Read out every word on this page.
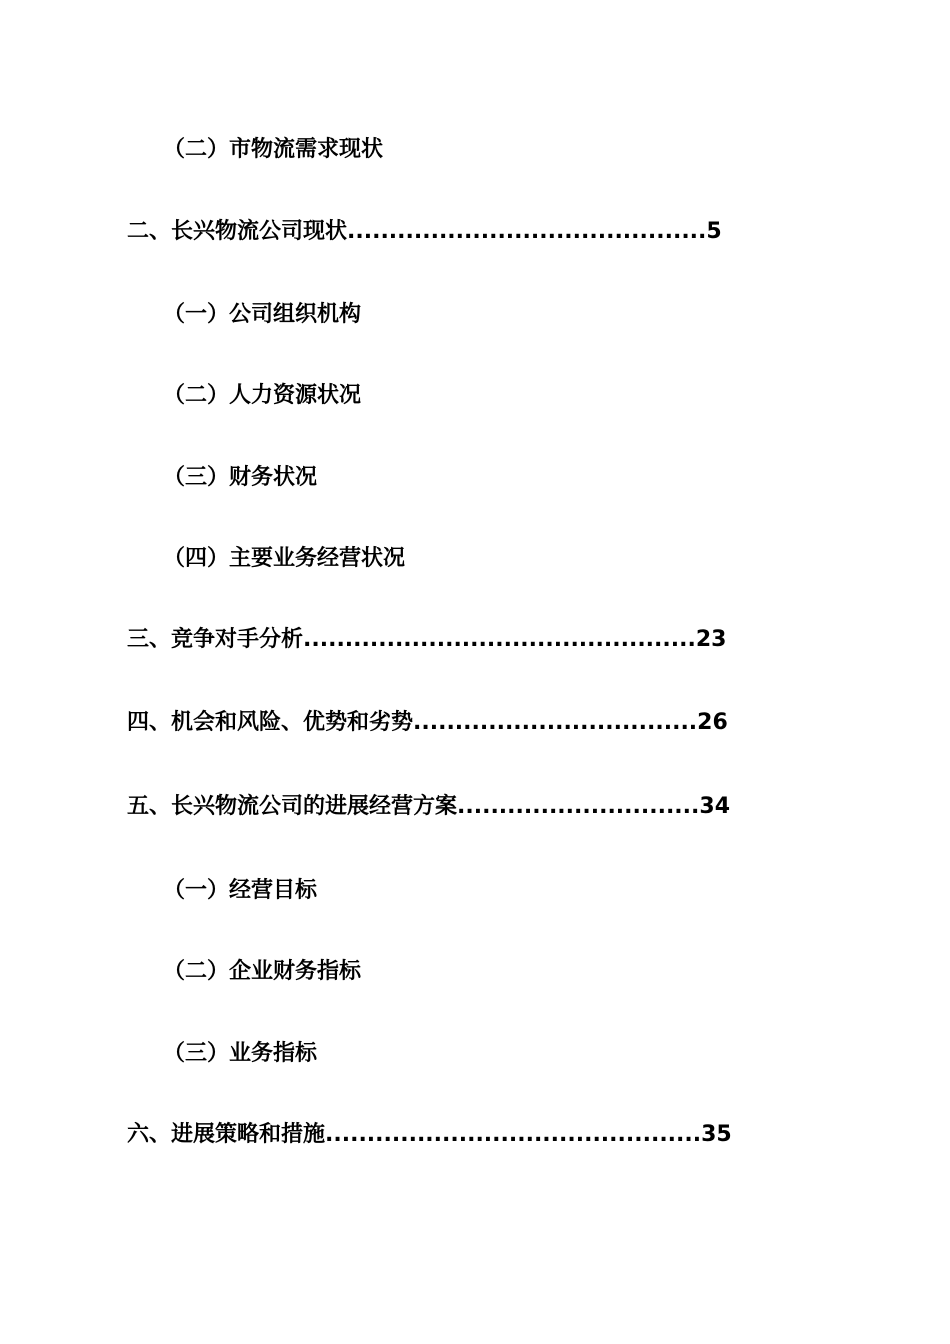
（二）市物流需求现状
二、长兴物流公司现状...........................................5
（一）公司组织机构
（二）人力资源状况
（三）财务状况
（四）主要业务经营状况
三、竞争对手分析...............................................23
四、机会和风险、优势和劣势..................................26
五、长兴物流公司的进展经营方案.............................34
（一）经营目标
（二）企业财务指标
（三）业务指标
六、进展策略和措施.............................................35
